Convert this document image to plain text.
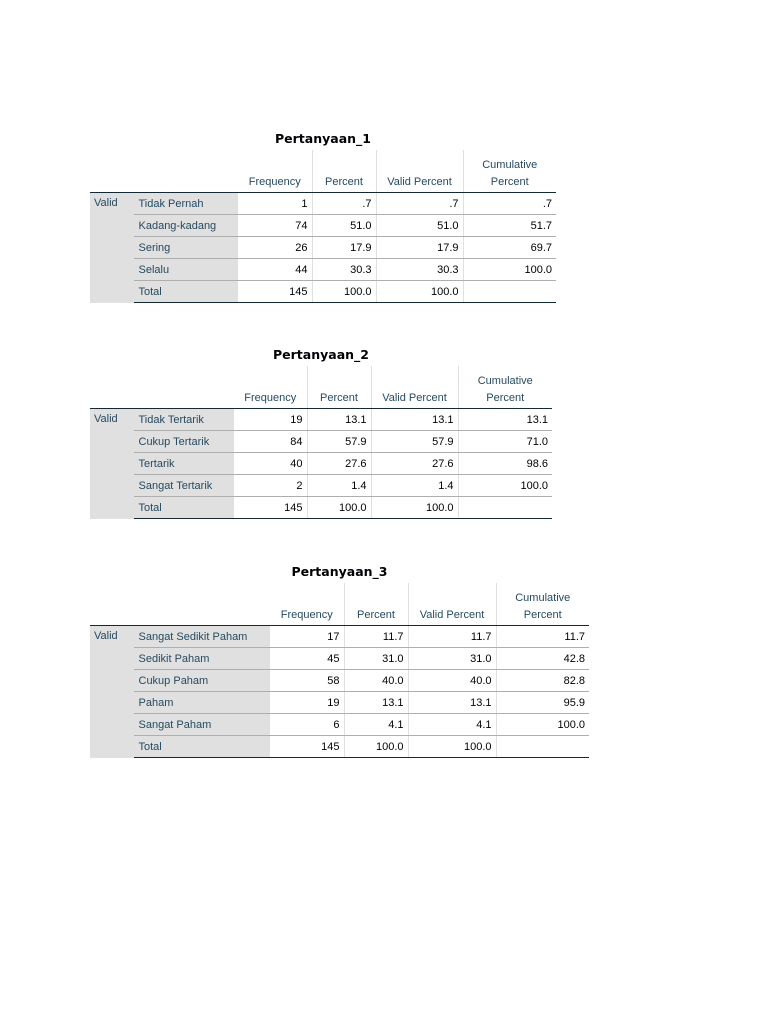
Pertanyaan_1
					Cumulative
		Frequency	Percent	Valid Percent	Percent
Valid	Tidak Pernah	1	.7	.7	.7
	Kadang-kadang	74	51.0	51.0	51.7
	Sering	26	17.9	17.9	69.7
	Selalu	44	30.3	30.3	100.0
	Total	145	100.0	100.0	
Pertanyaan_2
					Cumulative
		Frequency	Percent	Valid Percent	Percent
Valid	Tidak Tertarik	19	13.1	13.1	13.1
	Cukup Tertarik	84	57.9	57.9	71.0
	Tertarik	40	27.6	27.6	98.6
	Sangat Tertarik	2	1.4	1.4	100.0
	Total	145	100.0	100.0	
Pertanyaan_3
					Cumulative
		Frequency	Percent	Valid Percent	Percent
Valid	Sangat Sedikit Paham	17	11.7	11.7	11.7
	Sedikit Paham	45	31.0	31.0	42.8
	Cukup Paham	58	40.0	40.0	82.8
	Paham	19	13.1	13.1	95.9
	Sangat Paham	6	4.1	4.1	100.0
	Total	145	100.0	100.0	
